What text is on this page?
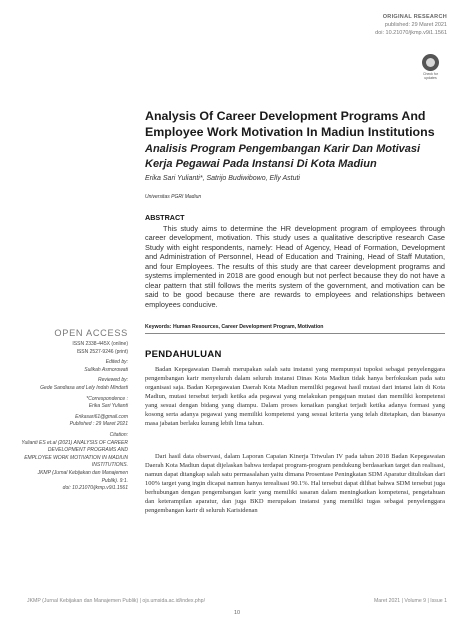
ORIGINAL RESEARCH
published: 29 Maret 2021
doi: 10.21070/jkmp.v9i1.1561
Check for updates
Analysis Of Career Development Programs And Employee Work Motivation In Madiun Institutions
Analisis Program Pengembangan Karir Dan Motivasi Kerja Pegawai Pada Instansi Di Kota Madiun
Erika Sari Yulianti*, Satrijo Budiwibowo, Elly Astuti
Universitas PGRI Madiun
ABSTRACT
This study aims to determine the HR development program of employees through career development, motivation. This study uses a qualitative descriptive research Case Study with eight respondents, namely: Head of Agency, Head of Formation, Development and Administration of Personnel, Head of Education and Training, Head of Staff Mutation, and four Employees. The results of this study are that career development programs and systems implemented in 2018 are good enough but not perfect because they do not have a clear pattern that still follows the merits system of the government, and motivation can be said to be good because there are rewards to employees and relationships between employees conducive.
Keywords: Human Resources, Career Development Program, Motivation
OPEN ACCESS
ISSN 2338-445X (online)
ISSN 2527-9246 (print)
Edited by:
Sulikah Asmorowati
Reviewed by:
Gede Sandiasa and Lely Indah Mindarti
*Correspondence :
Erika Sari Yulianti
Erikasari61@gmail.com
Published : 29 Maret 2021
Citation:
Yulianti ES et.al (2021) ANALYSIS OF CAREER DEVELOPMENT PROGRAMS AND EMPLOYEE WORK MOTIVATION IN MADIUN INSTITUTIONS.
JKMP (Jurnal Kebijakan dan Manajemen Publik). 9:1.
doi: 10.21070/jkmp.v9i1.1561
PENDAHULUAN
Badan Kepegawaian Daerah merupakan salah satu instansi yang mempunyai tupoksi sebagai penyelenggara pengembangan karir menyeluruh dalam seluruh instansi Dinas Kota Madiun tidak hanya berfokuskan pada satu organisasi saja. Badan Kepegawaian Daerah Kota Madiun memiliki pegawai hasil mutasi dari intansi lain di Kota Madiun, mutasi tersebut terjadi ketika ada pegawai yang melakukan pengajuan mutasi dan memiliki kompetensi yang sesuai dengan bidang yang diampu. Dalam proses kenaikan pangkat terjadi ketika adanya formasi yang kosong serta adanya pegawai yang memiliki kompetensi yang sesuai kriteria yang telah ditetapkan, dan biasanya masa jabatan berlaku kurang lebih lima tahun.
Dari hasil data observasi, dalam Laporan Capaian Kinerja Triwulan IV pada tahun 2018 Badan Kepegawaian Daerah Kota Madiun dapat dijelaskan bahwa terdapat program-program pendukung berdasarkan target dan realisasi, namun dapat ditangkap salah satu permasalahan yaitu dimana Prosentase Peningkatan SDM Aparatur dituliskan dari 100% target yang ingin dicapai namun hanya terealisasi 90.1%. Hal tersebut dapat dilihat bahwa SDM tersebut juga berhubungan dengan pengembangan karir yang memiliki sasaran dalam meningkatkan kompetensi, pengetahuan dan keterampilan aparatur, dan juga BKD merupakan instansi yang memiliki tugas sebagai penyelenggara pengembangan karir di seluruh Karisidenan
JKMP (Jurnal Kebijakan dan Manajemen Publik) | ojs.umsida.ac.id/index.php/	Maret 2021 | Volume 9 | Issue 1
10
